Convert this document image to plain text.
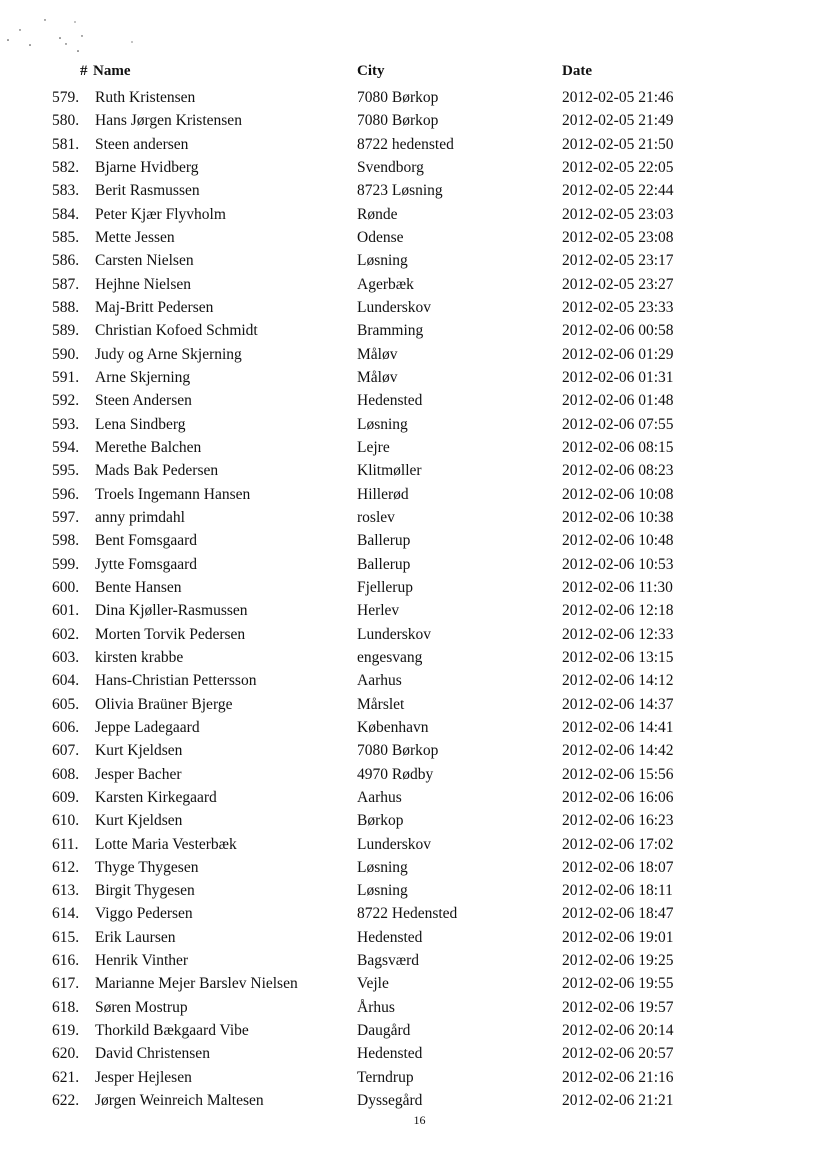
# Name	City	Date
579.	Ruth Kristensen	7080 Børkop	2012-02-05 21:46
580.	Hans Jørgen Kristensen	7080 Børkop	2012-02-05 21:49
581.	Steen andersen	8722 hedensted	2012-02-05 21:50
582.	Bjarne Hvidberg	Svendborg	2012-02-05 22:05
583.	Berit Rasmussen	8723 Løsning	2012-02-05 22:44
584.	Peter Kjær Flyvholm	Rønde	2012-02-05 23:03
585.	Mette Jessen	Odense	2012-02-05 23:08
586.	Carsten Nielsen	Løsning	2012-02-05 23:17
587.	Hejhne Nielsen	Agerbæk	2012-02-05 23:27
588.	Maj-Britt Pedersen	Lunderskov	2012-02-05 23:33
589.	Christian Kofoed Schmidt	Bramming	2012-02-06 00:58
590.	Judy og Arne Skjerning	Måløv	2012-02-06 01:29
591.	Arne Skjerning	Måløv	2012-02-06 01:31
592.	Steen Andersen	Hedensted	2012-02-06 01:48
593.	Lena Sindberg	Løsning	2012-02-06 07:55
594.	Merethe Balchen	Lejre	2012-02-06 08:15
595.	Mads Bak Pedersen	Klitmøller	2012-02-06 08:23
596.	Troels Ingemann Hansen	Hillerød	2012-02-06 10:08
597.	anny primdahl	roslev	2012-02-06 10:38
598.	Bent Fomsgaard	Ballerup	2012-02-06 10:48
599.	Jytte Fomsgaard	Ballerup	2012-02-06 10:53
600.	Bente Hansen	Fjellerup	2012-02-06 11:30
601.	Dina Kjøller-Rasmussen	Herlev	2012-02-06 12:18
602.	Morten Torvik Pedersen	Lunderskov	2012-02-06 12:33
603.	kirsten krabbe	engesvang	2012-02-06 13:15
604.	Hans-Christian Pettersson	Aarhus	2012-02-06 14:12
605.	Olivia Braüner Bjerge	Mårslet	2012-02-06 14:37
606.	Jeppe Ladegaard	København	2012-02-06 14:41
607.	Kurt Kjeldsen	7080 Børkop	2012-02-06 14:42
608.	Jesper Bacher	4970 Rødby	2012-02-06 15:56
609.	Karsten Kirkegaard	Aarhus	2012-02-06 16:06
610.	Kurt Kjeldsen	Børkop	2012-02-06 16:23
611.	Lotte Maria Vesterbæk	Lunderskov	2012-02-06 17:02
612.	Thyge Thygesen	Løsning	2012-02-06 18:07
613.	Birgit Thygesen	Løsning	2012-02-06 18:11
614.	Viggo Pedersen	8722 Hedensted	2012-02-06 18:47
615.	Erik Laursen	Hedensted	2012-02-06 19:01
616.	Henrik Vinther	Bagsværd	2012-02-06 19:25
617.	Marianne Mejer Barslev Nielsen	Vejle	2012-02-06 19:55
618.	Søren Mostrup	Århus	2012-02-06 19:57
619.	Thorkild Bækgaard Vibe	Daugård	2012-02-06 20:14
620.	David Christensen	Hedensted	2012-02-06 20:57
621.	Jesper Hejlesen	Terndrup	2012-02-06 21:16
622.	Jørgen Weinreich Maltesen	Dyssegård	2012-02-06 21:21
16
